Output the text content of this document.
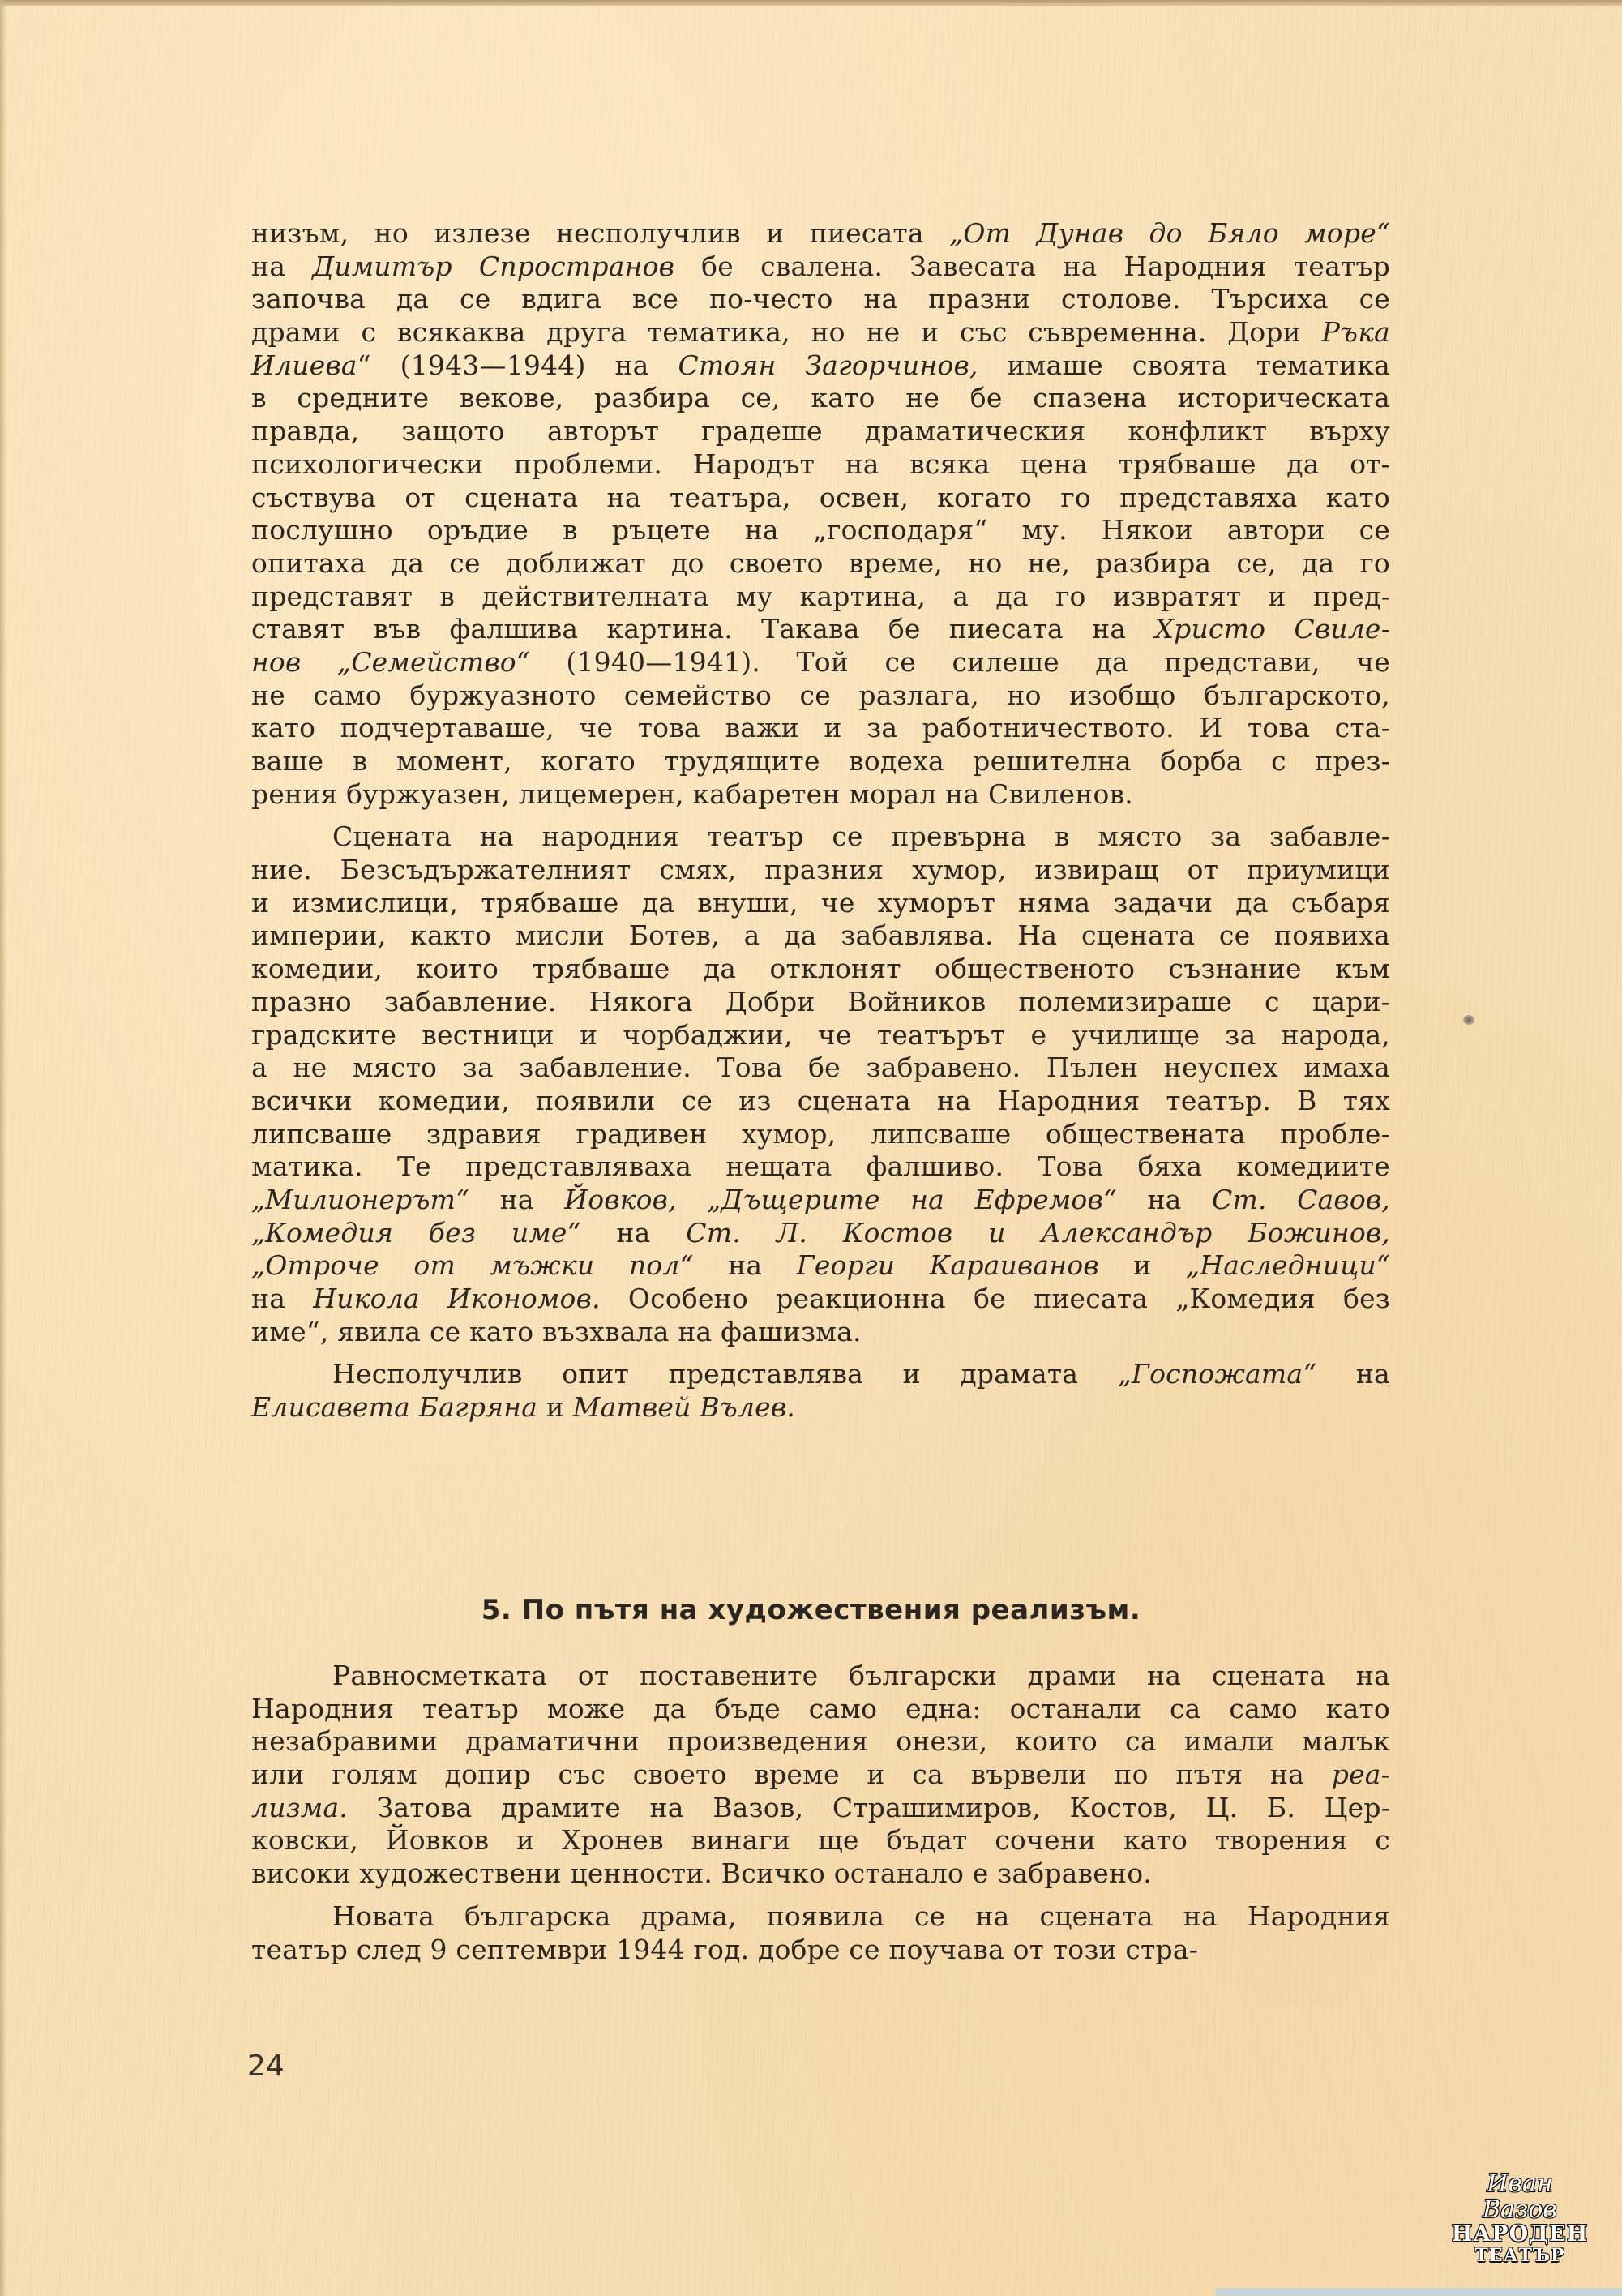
низъм, но излезе несполучлив и пиесата „От Дунав до Бяло море“
на Димитър Спространов бе свалена. Завесата на Народния театър
започва да се вдига все по-често на празни столове. Търсиха се
драми с всякаква друга тематика, но не и със съвременна. Дори Ръка
Илиева“ (1943—1944) на Стоян Загорчинов, имаше своята тематика
в средните векове, разбира се, като не бе спазена историческата
правда, защото авторът градеше драматическия конфликт върху
психологически проблеми. Народът на всяка цена трябваше да от-
съствува от сцената на театъра, освен, когато го представяха като
послушно оръдие в ръцете на „господаря“ му. Някои автори се
опитаха да се доближат до своето време, но не, разбира се, да го
представят в действителната му картина, а да го извратят и пред-
ставят във фалшива картина. Такава бе пиесата на Христо Свиле-
нов „Семейство“ (1940—1941). Той се силеше да представи, че
не само буржуазното семейство се разлага, но изобщо българското,
като подчертаваше, че това важи и за работничеството. И това ста-
ваше в момент, когато трудящите водеха решителна борба с през-
рения буржуазен, лицемерен, кабаретен морал на Свиленов.
Сцената на народния театър се превърна в място за забавле-
ние. Безсъдържателният смях, празния хумор, извиращ от приумици
и измислици, трябваше да внуши, че хуморът няма задачи да събаря
империи, както мисли Ботев, а да забавлява. На сцената се появиха
комедии, които трябваше да отклонят общественото съзнание към
празно забавление. Някога Добри Войников полемизираше с цари-
градските вестници и чорбаджии, че театърът е училище за народа,
а не място за забавление. Това бе забравено. Пълен неуспех имаха
всички комедии, появили се из сцената на Народния театър. В тях
липсваше здравия градивен хумор, липсваше обществената пробле-
матика. Те представляваха нещата фалшиво. Това бяха комедиите
„Милионерът“ на Йовков, „Дъщерите на Ефремов“ на Ст. Савов,
„Комедия без име“ на Ст. Л. Костов и Александър Божинов,
„Отроче от мъжки пол“ на Георги Караиванов и „Наследници“
на Никола Икономов. Особено реакционна бе пиесата „Комедия без
име“, явила се като възхвала на фашизма.
Несполучлив опит представлява и драмата „Госпожата“ на
Елисавета Багряна и Матвей Вълев.
5. По пътя на художествения реализъм.
Равносметката от поставените български драми на сцената на
Народния театър може да бъде само една: останали са само като
незабравими драматични произведения онези, които са имали малък
или голям допир със своето време и са вървели по пътя на реа-
лизма. Затова драмите на Вазов, Страшимиров, Костов, Ц. Б. Цер-
ковски, Йовков и Хронев винаги ще бъдат сочени като творения с
високи художествени ценности. Всичко останало е забравено.
Новата българска драма, появила се на сцената на Народния
театър след 9 септември 1944 год. добре се поучава от този стра-
24
Иван Вазов
НАРОДЕН
ТЕАТЪР
